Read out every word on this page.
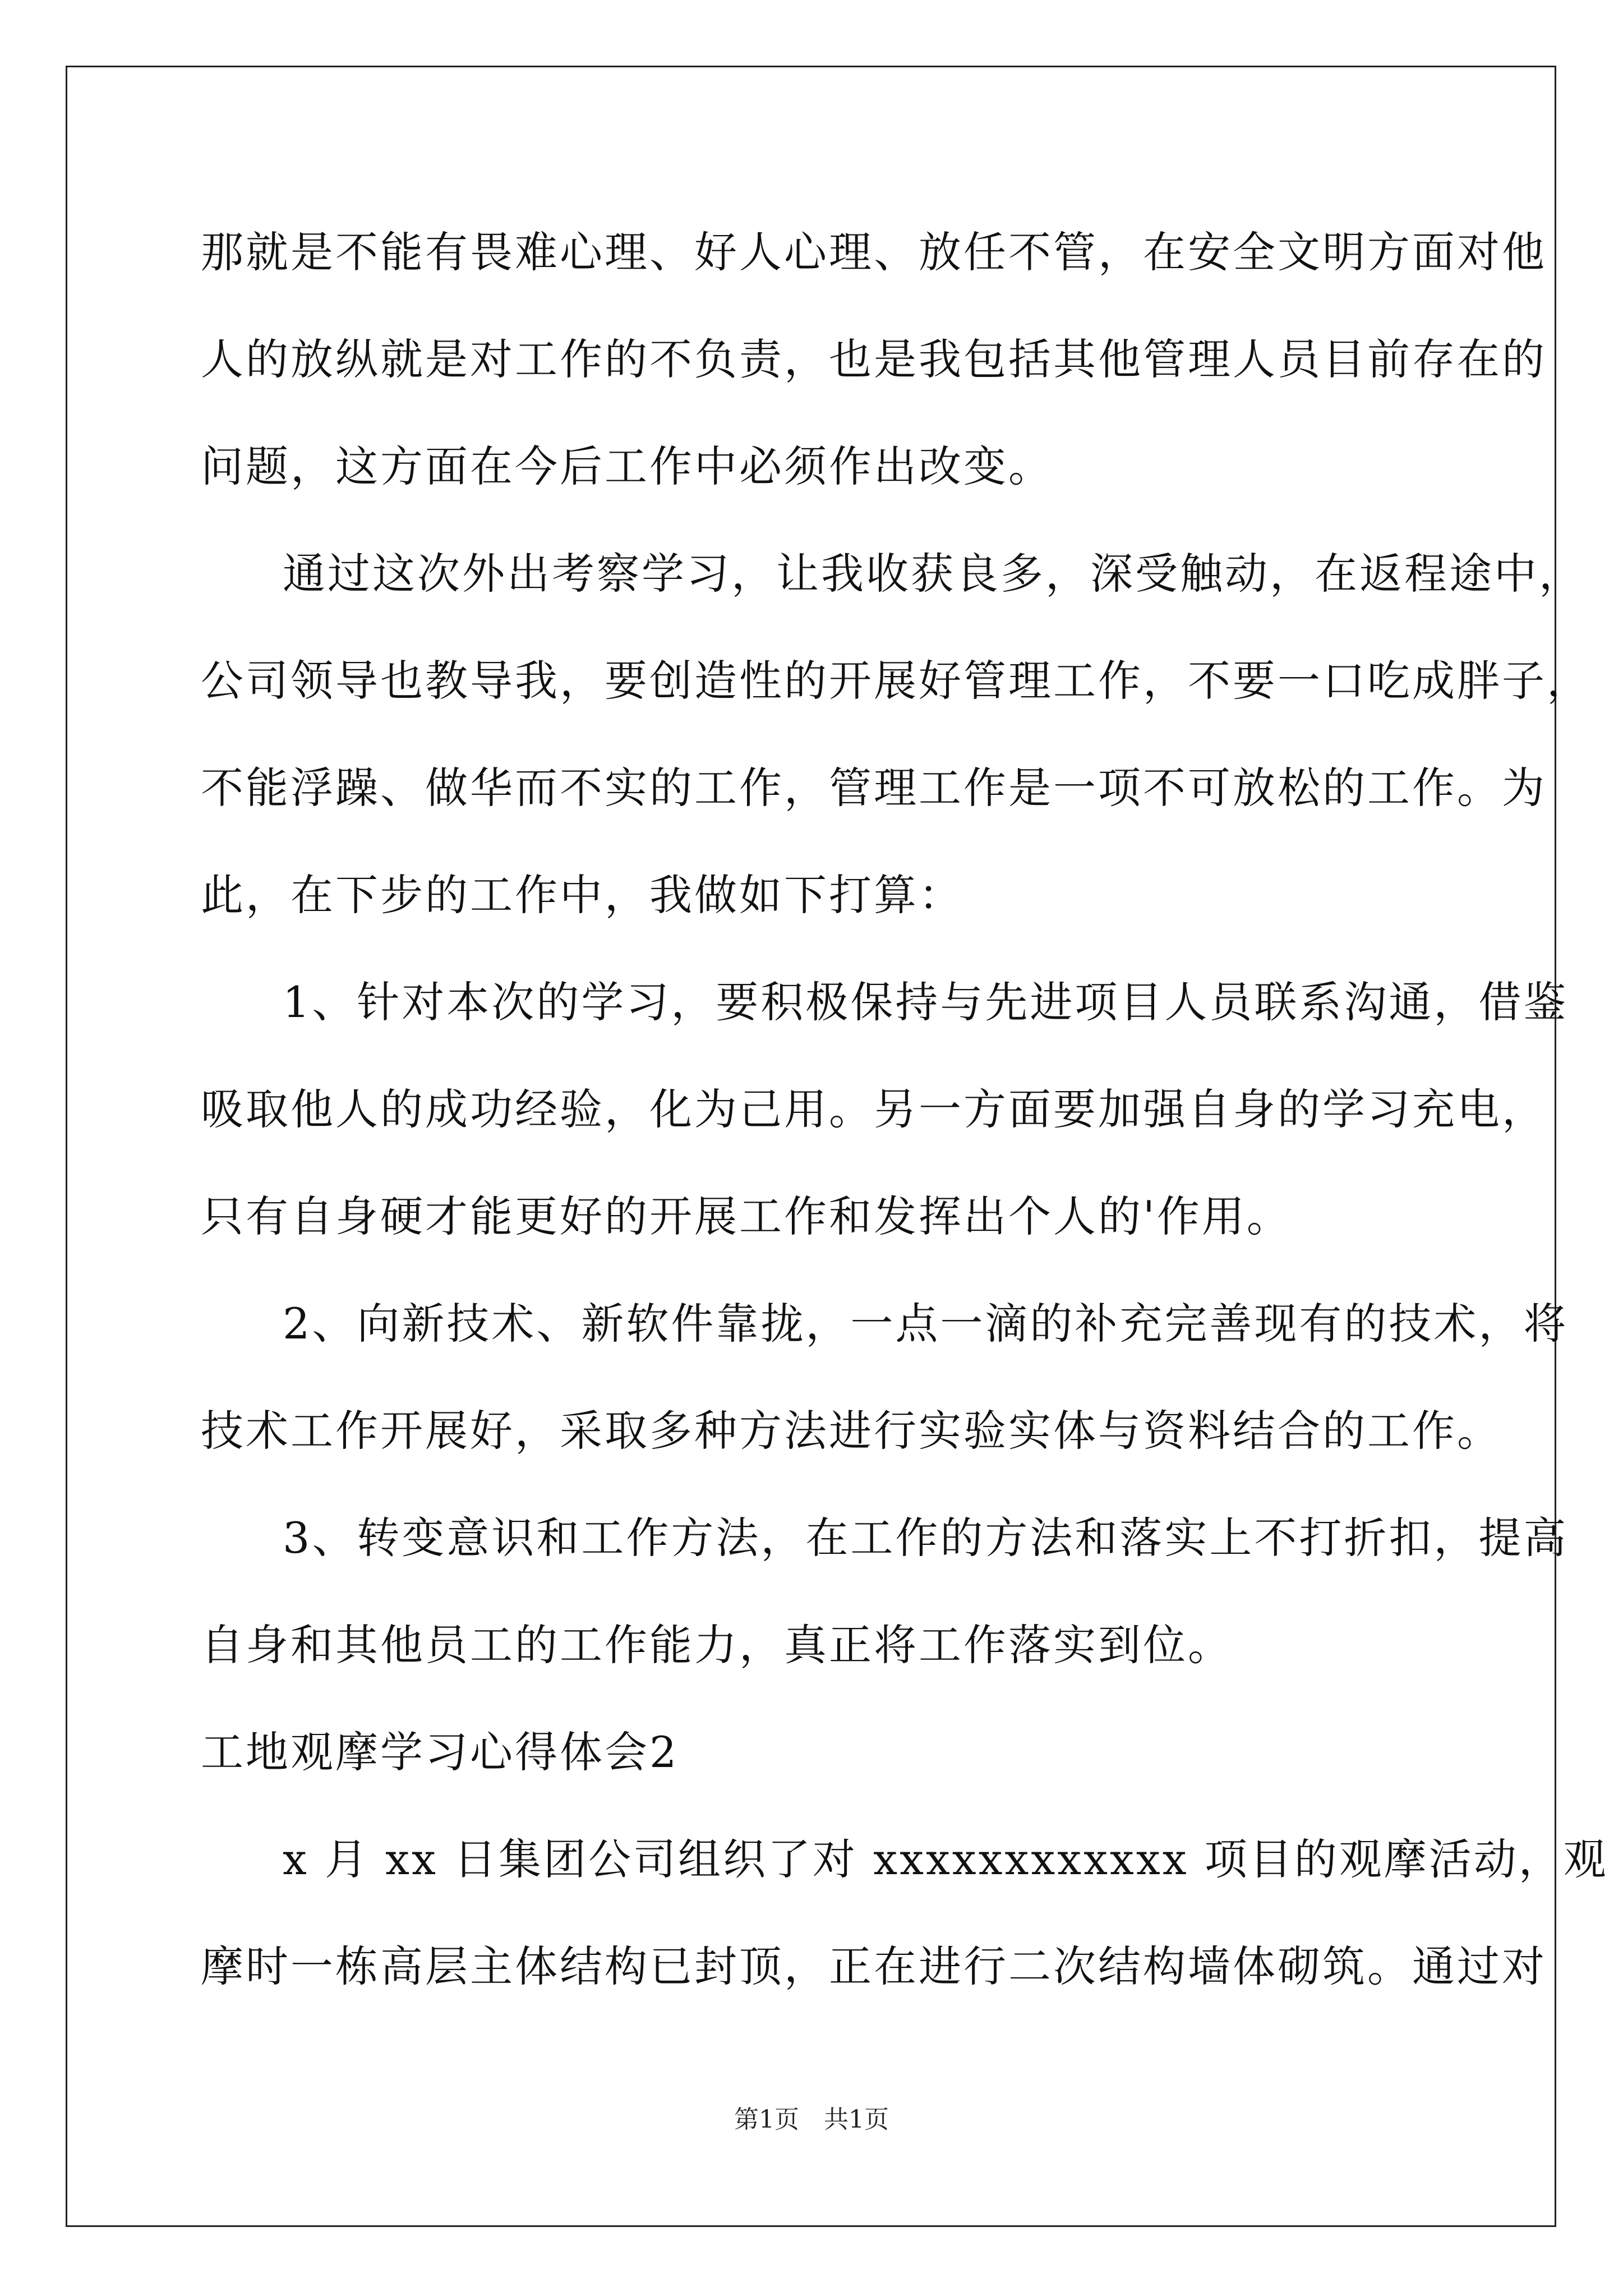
那就是不能有畏难心理、好人心理、放任不管，在安全文明方面对他
人的放纵就是对工作的不负责，也是我包括其他管理人员目前存在的
问题，这方面在今后工作中必须作出改变。
通过这次外出考察学习，让我收获良多，深受触动，在返程途中，
公司领导也教导我，要创造性的开展好管理工作，不要一口吃成胖子，
不能浮躁、做华而不实的工作，管理工作是一项不可放松的工作。为
此，在下步的工作中，我做如下打算：
1、针对本次的学习，要积极保持与先进项目人员联系沟通，借鉴
吸取他人的成功经验，化为己用。另一方面要加强自身的学习充电，
只有自身硬才能更好的开展工作和发挥出个人的'作用。
2、向新技术、新软件靠拢，一点一滴的补充完善现有的技术，将
技术工作开展好，采取多种方法进行实验实体与资料结合的工作。
3、转变意识和工作方法，在工作的方法和落实上不打折扣，提高
自身和其他员工的工作能力，真正将工作落实到位。
工地观摩学习心得体会2
x 月 xx 日集团公司组织了对 xxxxxxxxxxxx 项目的观摩活动，观
摩时一栋高层主体结构已封顶，正在进行二次结构墙体砌筑。通过对
第1页　共1页
